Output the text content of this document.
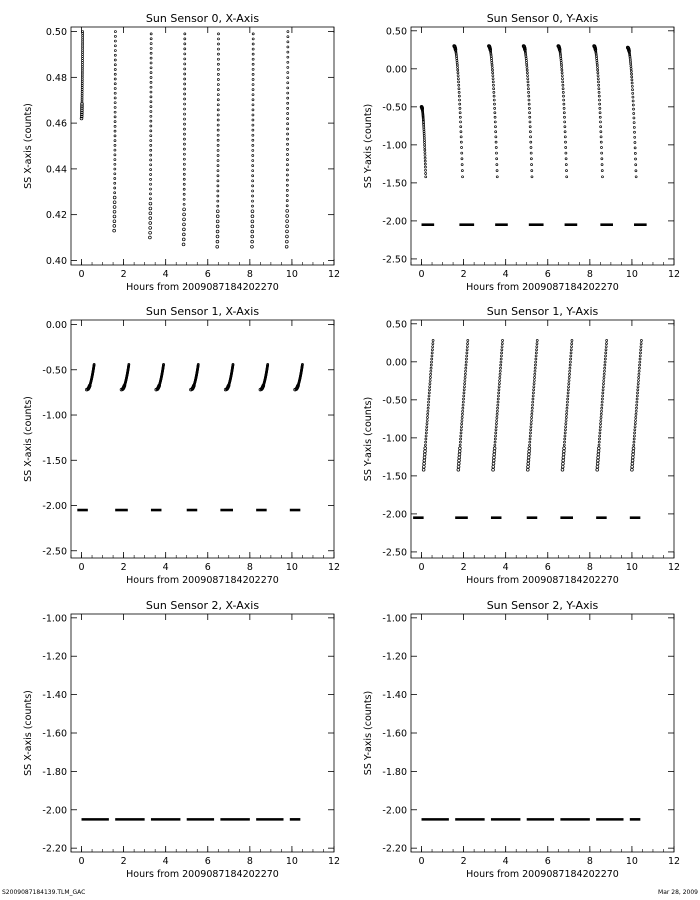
Sun Sensor 0, X-Axis
0	2	4	6	8	10	12
0.40
0.42
0.44
0.46
0.48
0.50
Hours from 2009087184202270
SS X-axis (counts)
Sun Sensor 0, Y-Axis
0	2	4	6	8	10	12
0.50
0.00
-0.50
-1.00
-1.50
-2.00
-2.50
Hours from 2009087184202270
SS Y-axis (counts)
Sun Sensor 1, X-Axis
0	2	4	6	8	10	12
0.00
-0.50
-1.00
-1.50
-2.00
-2.50
Hours from 2009087184202270
SS X-axis (counts)
Sun Sensor 1, Y-Axis
0	2	4	6	8	10	12
0.50
0.00
-0.50
-1.00
-1.50
-2.00
-2.50
Hours from 2009087184202270
SS Y-axis (counts)
Sun Sensor 2, X-Axis
0	2	4	6	8	10	12
-1.00
-1.20
-1.40
-1.60
-1.80
-2.00
-2.20
Hours from 2009087184202270
SS X-axis (counts)
Sun Sensor 2, Y-Axis
0	2	4	6	8	10	12
-1.00
-1.20
-1.40
-1.60
-1.80
-2.00
-2.20
Hours from 2009087184202270
SS Y-axis (counts)
S2009087184139.TLM_GAC	Mar 28, 2009
